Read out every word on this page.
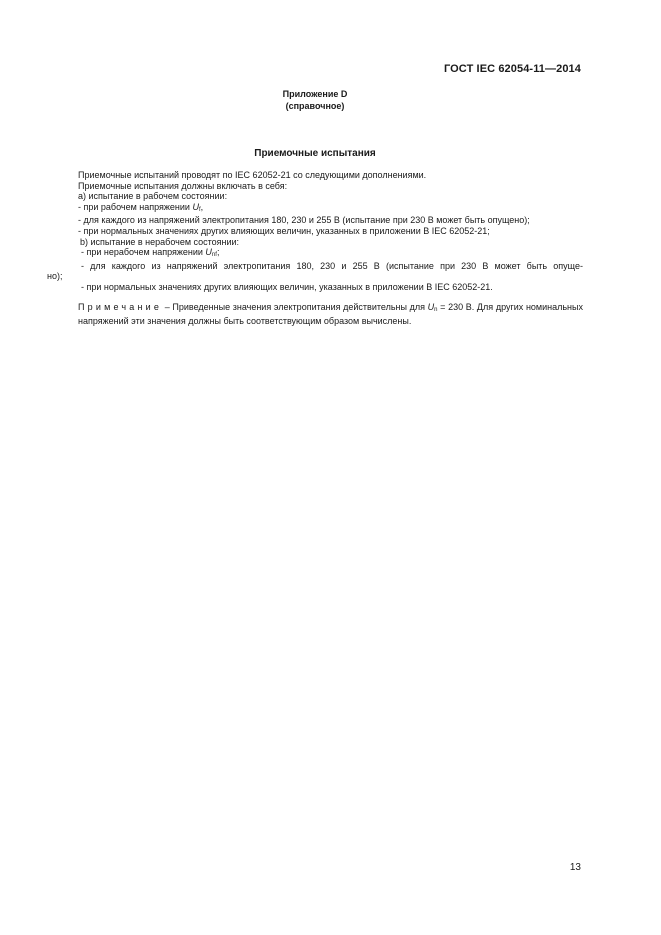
ГОСТ IEC 62054-11—2014
Приложение D
(справочное)
Приемочные испытания

Приемочные испытаний проводят по IEC 62052-21 со следующими дополнениями.

Приемочные испытания должны включать в себя:

a) испытание в рабочем состоянии:

- при рабочем напряжении $U_f$,

- для каждого из напряжений электропитания 180, 230 и 255 В (испытание при 230 В может быть опущено);

- при нормальных значениях других влияющих величин, указанных в приложении B IEC 62052-21;

b) испытание в нерабочем состоянии:

- при нерабочем напряжении $U_{nf}$;

- для каждого из напряжений электропитания 180, 230 и 255 В (испытание при 230 В может быть опуще-

но);

- при нормальных значениях других влияющих величин, указанных в приложении B IEC 62052-21.

Примечание – Приведенные значения электропитания действительны для $U_n = 230$ В. Для других номинальных напряжений эти значения должны быть соответствующим образом вычислены.

13
